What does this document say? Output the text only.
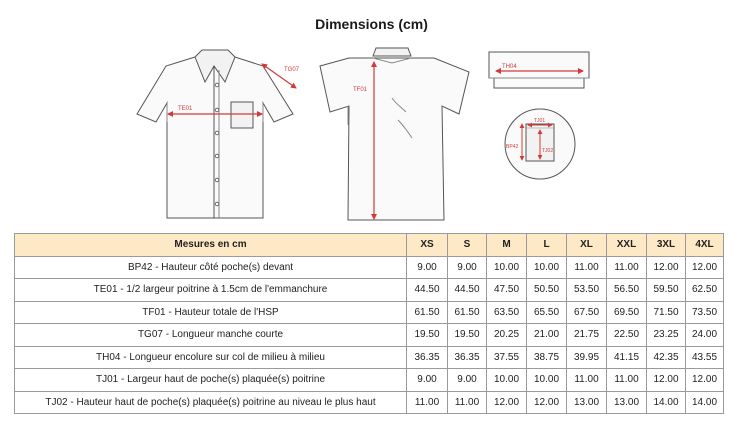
Dimensions (cm)
TE01
TG07
TF01
TH04
TJ01
TJ02
BP42
Mesures en cm	XS	S	M	L	XL	XXL	3XL	4XL
BP42 - Hauteur côté poche(s) devant	9.00	9.00	10.00	10.00	11.00	11.00	12.00	12.00
TE01 - 1/2 largeur poitrine à 1.5cm de l'emmanchure	44.50	44.50	47.50	50.50	53.50	56.50	59.50	62.50
TF01 - Hauteur totale de l'HSP	61.50	61.50	63.50	65.50	67.50	69.50	71.50	73.50
TG07 - Longueur manche courte	19.50	19.50	20.25	21.00	21.75	22.50	23.25	24.00
TH04 - Longueur encolure sur col de milieu à milieu	36.35	36.35	37.55	38.75	39.95	41.15	42.35	43.55
TJ01 - Largeur haut de poche(s) plaquée(s) poitrine	9.00	9.00	10.00	10.00	11.00	11.00	12.00	12.00
TJ02 - Hauteur haut de poche(s) plaquée(s) poitrine au niveau le plus haut	11.00	11.00	12.00	12.00	13.00	13.00	14.00	14.00
